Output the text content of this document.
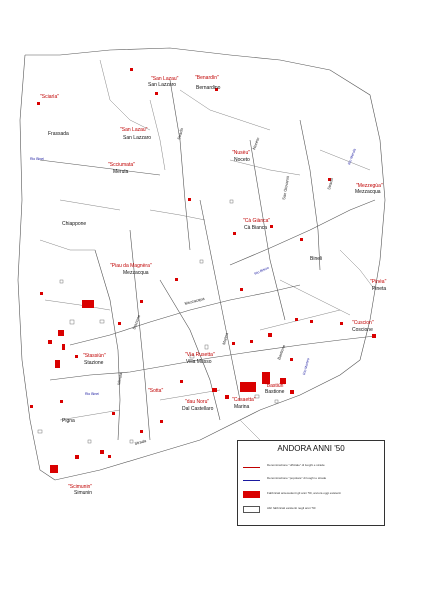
Rio Binei
Rio Binei
Rio Morteo
Rio Merula
Rio Biscio
"Sciarìa"
"San Lazau"
San Lazzaro
"Benardìn"
Bernardino
Frassada
"San Lazau"
San Lazzaro
"Nusèu"
Noceto
"Scciumata"
Merula
Chiappone
"Mezzegùa"
Mezzacqua
"Cà Giànca"
Cà Bianca
Bineli
"Piau da Magnèra"
Mezzacqua
"Pinéa"
Pineta
"Cuscion"
Coscione
"Stassiùn"
Stazione
"Vìa Rusetta"
Villa Musso
"Sotta"
"dau Noru"
Dal Castellaro
"Casaetta"
Marina
"Bastiùn"
Bastione
Pigna
"Scimunin"
Simunin
Mezzacqua
Marina
Merula
Bastione
Noceto
San Giovanni
Strada
Stazione
Strada
Strada
ANDORA ANNI '50
Denominazione "ufficiale" di luoghi e strade
Denominazione "popolare" di luoghi e strade
Fabbricati antecedenti gli anni '50, ancora oggi esistenti
Altri fabbricati esistenti negli anni '50
